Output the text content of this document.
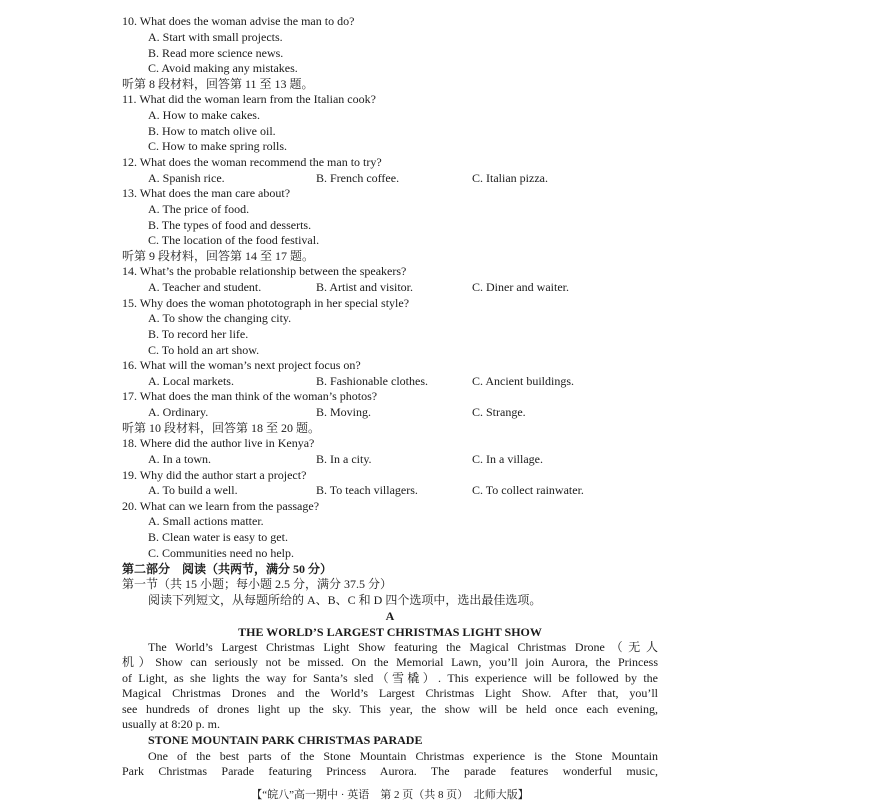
10. What does the woman advise the man to do?
A. Start with small projects.
B. Read more science news.
C. Avoid making any mistakes.
听第 8 段材料，回答第 11 至 13 题。
11. What did the woman learn from the Italian cook?
A. How to make cakes.
B. How to match olive oil.
C. How to make spring rolls.
12. What does the woman recommend the man to try?
A. Spanish rice.	B. French coffee.	C. Italian pizza.
13. What does the man care about?
A. The price of food.
B. The types of food and desserts.
C. The location of the food festival.
听第 9 段材料，回答第 14 至 17 题。
14. What’s the probable relationship between the speakers?
A. Teacher and student.	B. Artist and visitor.	C. Diner and waiter.
15. Why does the woman phototograph in her special style?
A. To show the changing city.
B. To record her life.
C. To hold an art show.
16. What will the woman’s next project focus on?
A. Local markets.	B. Fashionable clothes.	C. Ancient buildings.
17. What does the man think of the woman’s photos?
A. Ordinary.	B. Moving.	C. Strange.
听第 10 段材料，回答第 18 至 20 题。
18. Where did the author live in Kenya?
A. In a town.	B. In a city.	C. In a village.
19. Why did the author start a project?
A. To build a well.	B. To teach villagers.	C. To collect rainwater.
20. What can we learn from the passage?
A. Small actions matter.
B. Clean water is easy to get.
C. Communities need no help.
第二部分　阅读（共两节，满分 50 分）
第一节（共 15 小题；每小题 2.5 分，满分 37.5 分）
阅读下列短文，从每题所给的 A、B、C 和 D 四个选项中，选出最佳选项。
A
THE WORLD’S LARGEST CHRISTMAS LIGHT SHOW
The World’s Largest Christmas Light Show featuring the Magical Christmas Drone（无人
机）Show can seriously not be missed. On the Memorial Lawn, you’ll join Aurora, the Princess
of Light, as she lights the way for Santa’s sled（雪橇）. This experience will be followed by the
Magical Christmas Drones and the World’s Largest Christmas Light Show. After that, you’ll
see hundreds of drones light up the sky. This year, the show will be held once each evening,
usually at 8:20 p. m.
STONE MOUNTAIN PARK CHRISTMAS PARADE
One of the best parts of the Stone Mountain Christmas experience is the Stone Mountain
Park Christmas Parade featuring Princess Aurora. The parade features wonderful music,
【“皖八”高一期中 · 英语　第 2 页（共 8 页）　北师大版】
